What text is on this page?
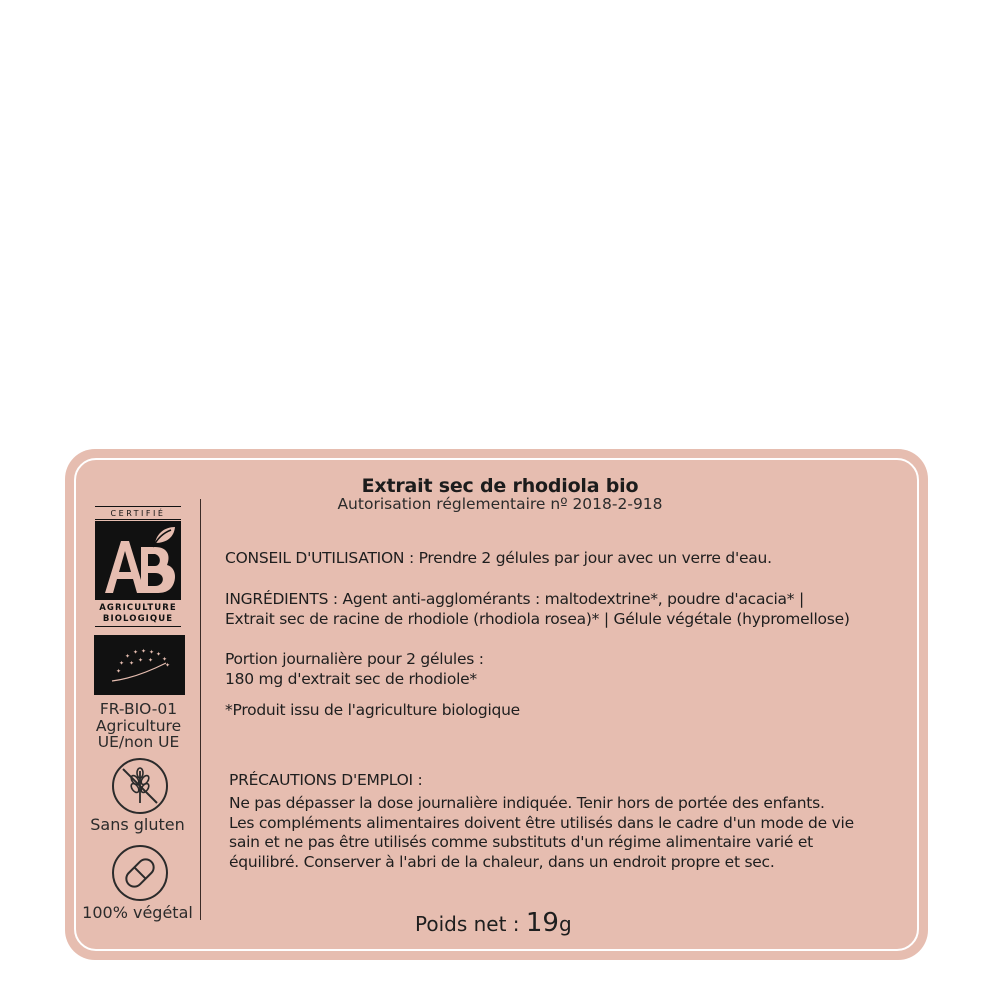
CERTIFIÉ
AGRICULTURE
BIOLOGIQUE
✦
✦
✦
✦ ✦ ✦ ✦
✦
✦
✦ ✦ ✦
FR-BIO-01
Agriculture
UE/non UE
Sans gluten
100% végétal
Extrait sec de rhodiola bio
Autorisation réglementaire nº 2018-2-918
CONSEIL D'UTILISATION : Prendre 2 gélules par jour avec un verre d'eau.
INGRÉDIENTS : Agent anti-agglomérants : maltodextrine*, poudre d'acacia* |
Extrait sec de racine de rhodiole (rhodiola rosea)* | Gélule végétale (hypromellose)
Portion journalière pour 2 gélules :
180 mg d'extrait sec de rhodiole*
*Produit issu de l'agriculture biologique
PRÉCAUTIONS D'EMPLOI :
Ne pas dépasser la dose journalière indiquée. Tenir hors de portée des enfants.
Les compléments alimentaires doivent être utilisés dans le cadre d'un mode de vie
sain et ne pas être utilisés comme substituts d'un régime alimentaire varié et
équilibré. Conserver à l'abri de la chaleur, dans un endroit propre et sec.
Poids net : 19g
